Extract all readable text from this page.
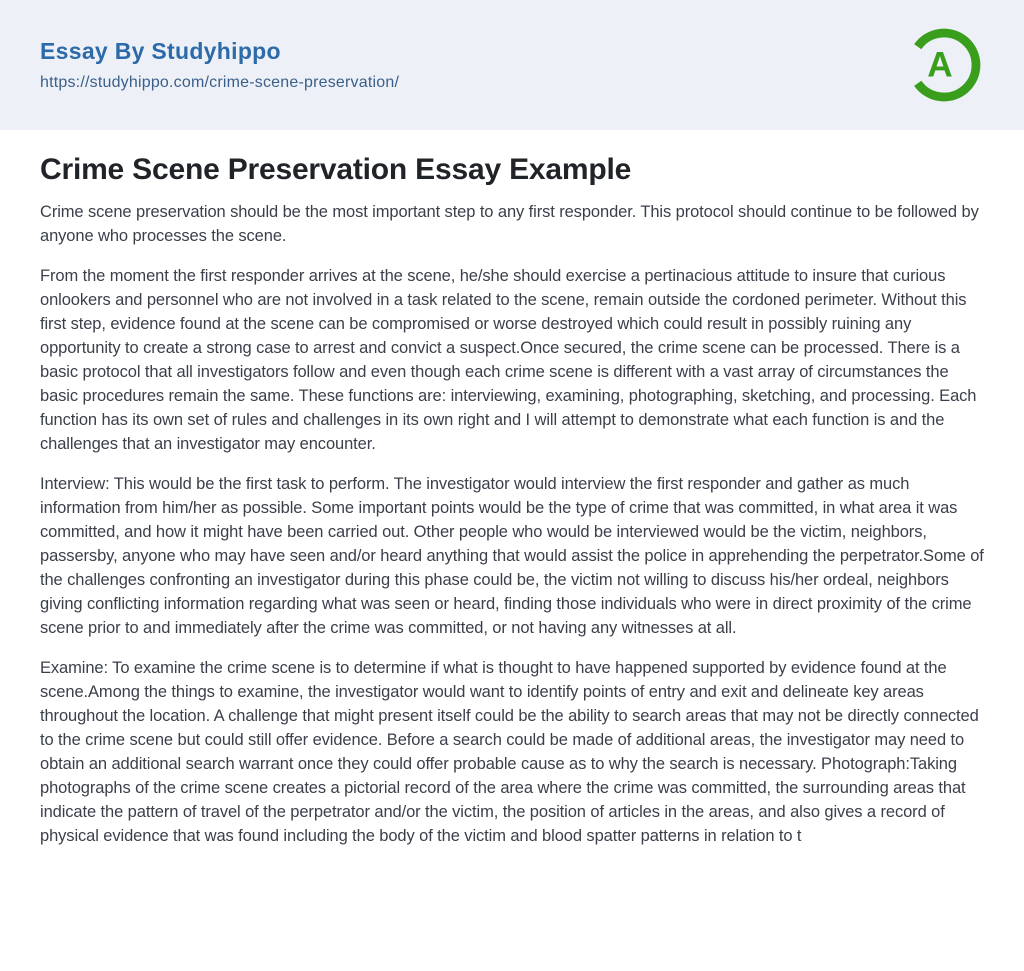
Essay By Studyhippo
https://studyhippo.com/crime-scene-preservation/	A
Crime Scene Preservation Essay Example

Crime scene preservation should be the most important step to any first responder. This protocol should continue to be followed by anyone who processes the scene.

From the moment the first responder arrives at the scene, he/she should exercise a pertinacious attitude to insure that curious onlookers and personnel who are not involved in a task related to the scene, remain outside the cordoned perimeter. Without this first step, evidence found at the scene can be compromised or worse destroyed which could result in possibly ruining any opportunity to create a strong case to arrest and convict a suspect.Once secured, the crime scene can be processed. There is a basic protocol that all investigators follow and even though each crime scene is different with a vast array of circumstances the basic procedures remain the same. These functions are: interviewing, examining, photographing, sketching, and processing. Each function has its own set of rules and challenges in its own right and I will attempt to demonstrate what each function is and the challenges that an investigator may encounter.

Interview: This would be the first task to perform. The investigator would interview the first responder and gather as much information from him/her as possible. Some important points would be the type of crime that was committed, in what area it was committed, and how it might have been carried out. Other people who would be interviewed would be the victim, neighbors, passersby, anyone who may have seen and/or heard anything that would assist the police in apprehending the perpetrator.Some of the challenges confronting an investigator during this phase could be, the victim not willing to discuss his/her ordeal, neighbors giving conflicting information regarding what was seen or heard, finding those individuals who were in direct proximity of the crime scene prior to and immediately after the crime was committed, or not having any witnesses at all.

Examine: To examine the crime scene is to determine if what is thought to have happened supported by evidence found at the scene.Among the things to examine, the investigator would want to identify points of entry and exit and delineate key areas throughout the location. A challenge that might present itself could be the ability to search areas that may not be directly connected to the crime scene but could still offer evidence. Before a search could be made of additional areas, the investigator may need to obtain an additional search warrant once they could offer probable cause as to why the search is necessary. Photograph:Taking photographs of the crime scene creates a pictorial record of the area where the crime was committed, the surrounding areas that indicate the pattern of travel of the perpetrator and/or the victim, the position of articles in the areas, and also gives a record of physical evidence that was found including the body of the victim and blood spatter patterns in relation to t
